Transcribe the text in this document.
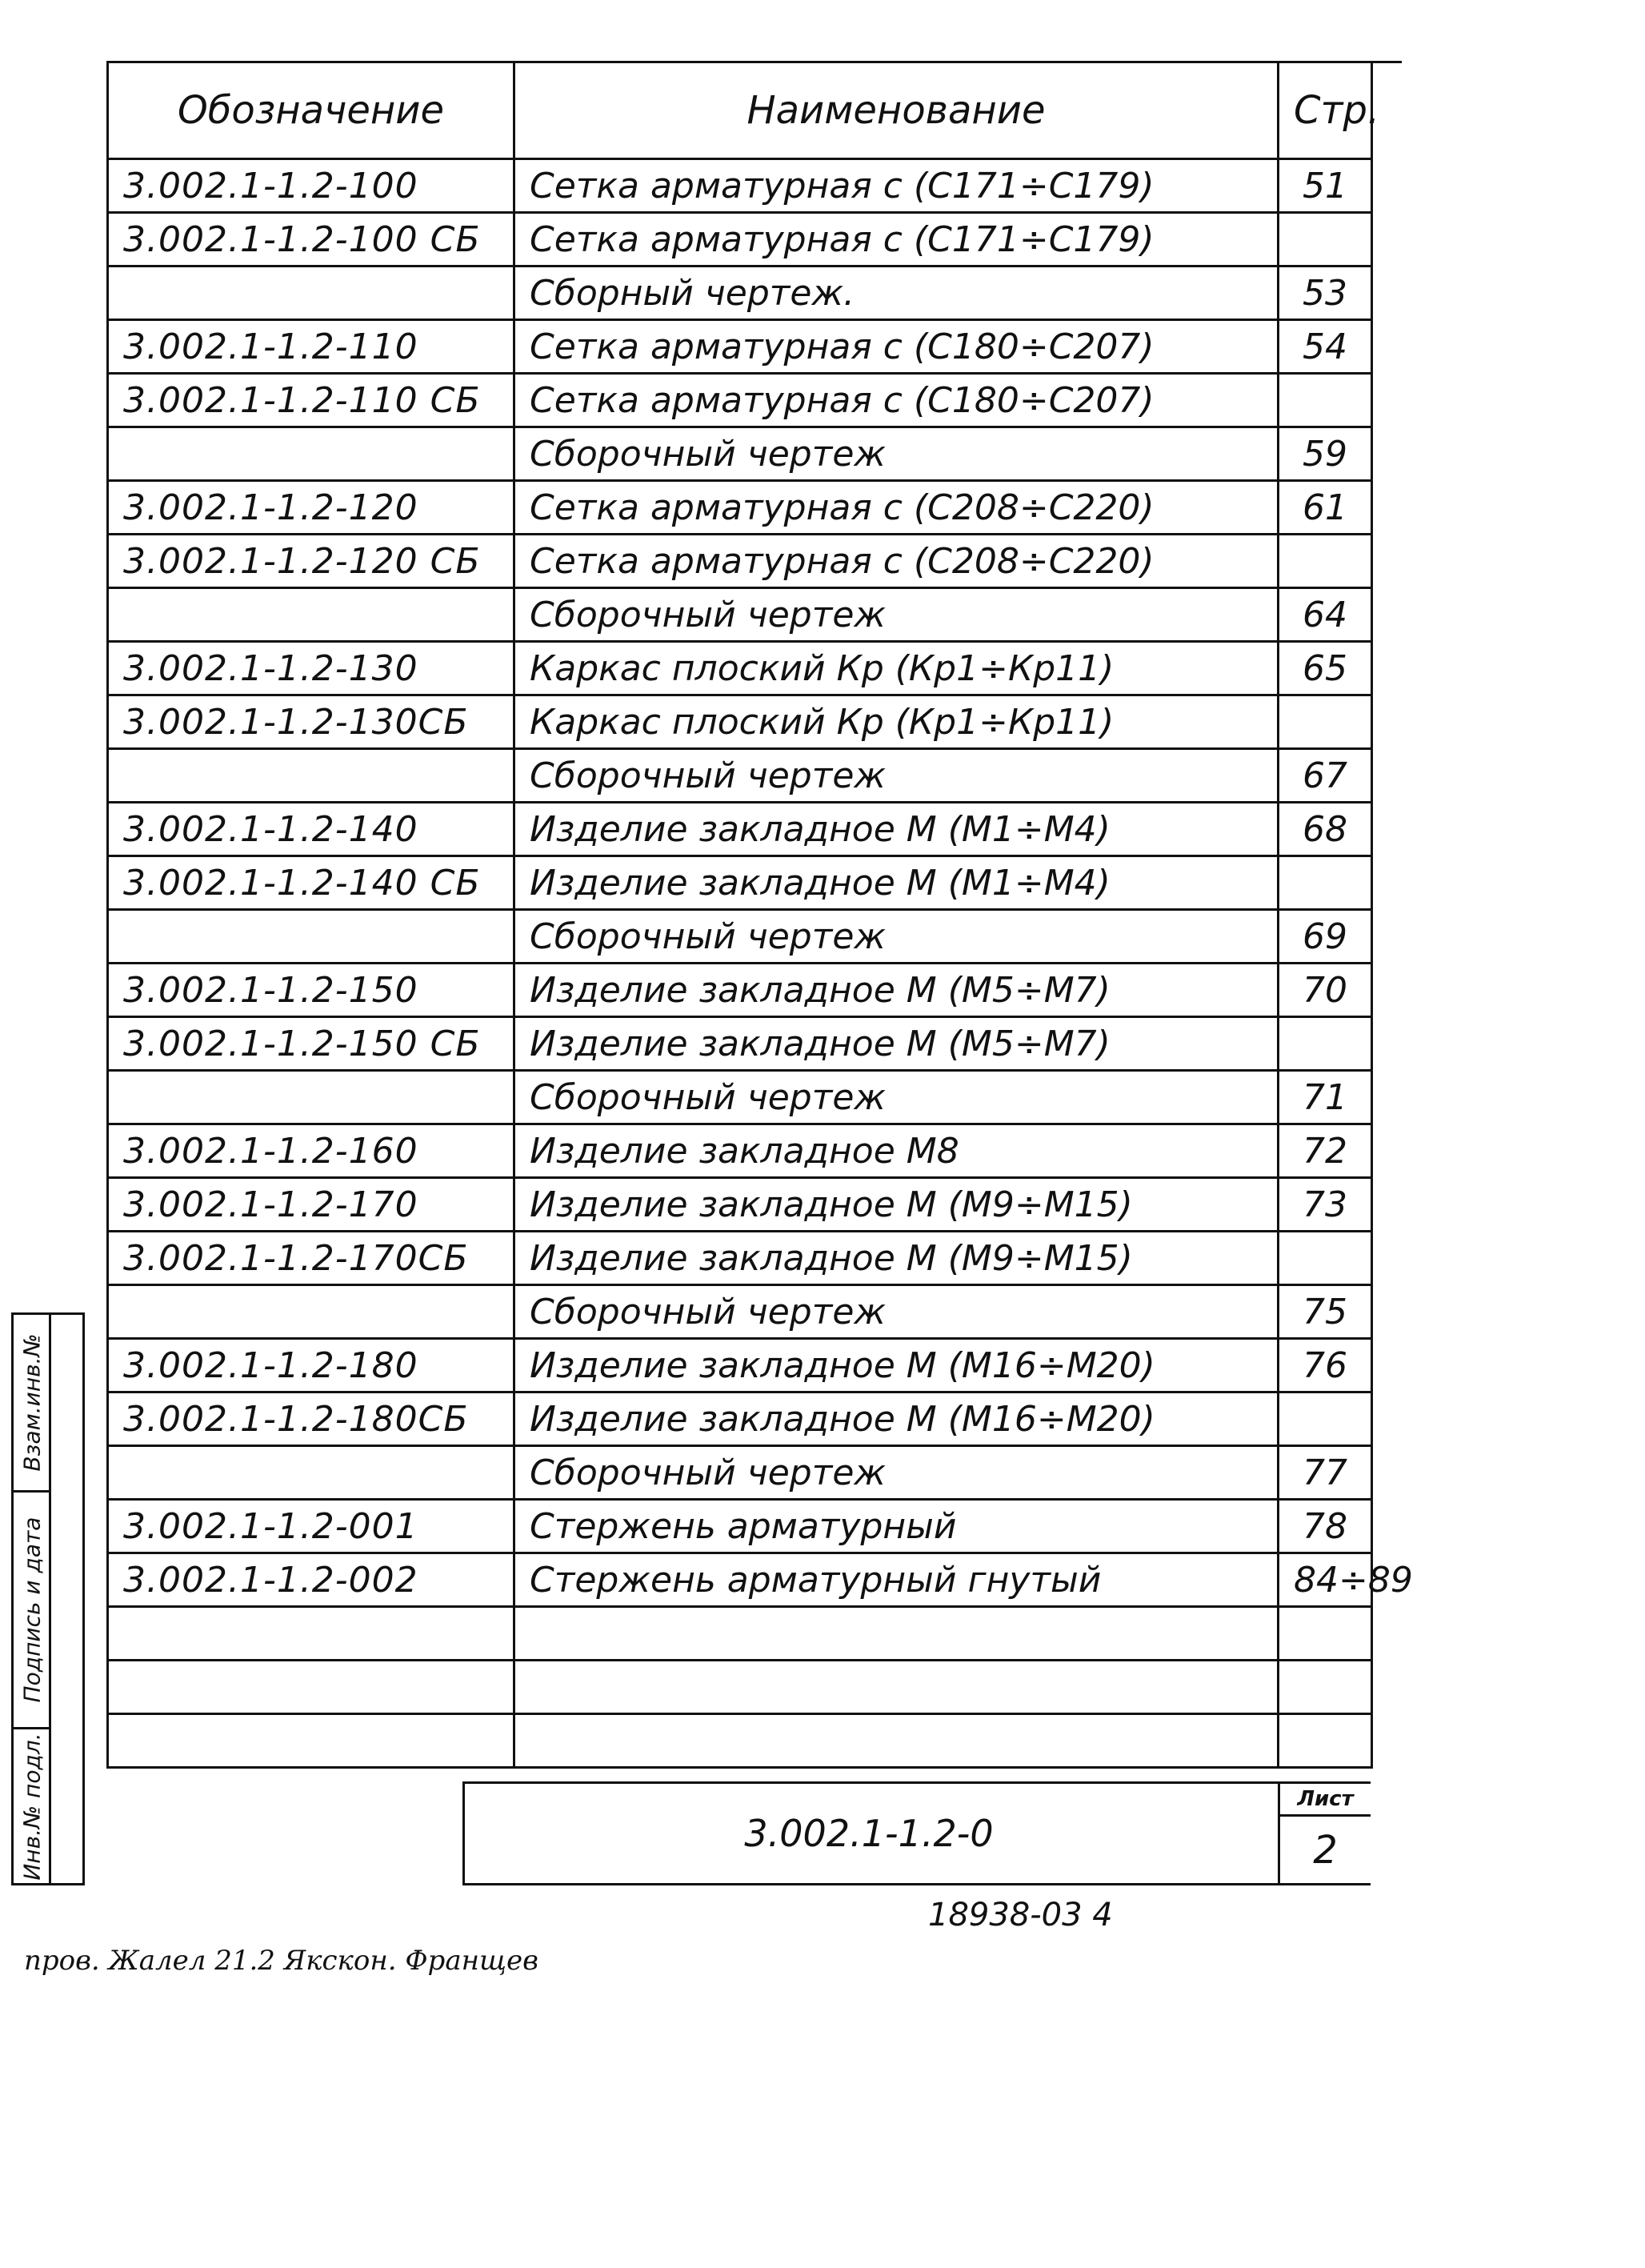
Обозначение	Наименование	Стр.
3.002.1-1.2-100	Сетка арматурная с (С171÷С179)	51
3.002.1-1.2-100 СБ	Сетка арматурная с (С171÷С179)	
	Сборный чертеж.	53
3.002.1-1.2-110	Сетка арматурная с (С180÷С207)	54
3.002.1-1.2-110 СБ	Сетка арматурная с (С180÷С207)	
	Сборочный чертеж	59
3.002.1-1.2-120	Сетка арматурная с (С208÷С220)	61
3.002.1-1.2-120 СБ	Сетка арматурная с (С208÷С220)	
	Сборочный чертеж	64
3.002.1-1.2-130	Каркас плоский Кр (Кр1÷Кр11)	65
3.002.1-1.2-130СБ	Каркас плоский Кр (Кр1÷Кр11)	
	Сборочный чертеж	67
3.002.1-1.2-140	Изделие закладное М (М1÷М4)	68
3.002.1-1.2-140 СБ	Изделие закладное М (М1÷М4)	
	Сборочный чертеж	69
3.002.1-1.2-150	Изделие закладное М (М5÷М7)	70
3.002.1-1.2-150 СБ	Изделие закладное М (М5÷М7)	
	Сборочный чертеж	71
3.002.1-1.2-160	Изделие закладное М8	72
3.002.1-1.2-170	Изделие закладное М (М9÷М15)	73
3.002.1-1.2-170СБ	Изделие закладное М (М9÷М15)	
	Сборочный чертеж	75
3.002.1-1.2-180	Изделие закладное М (М16÷М20)	76
3.002.1-1.2-180СБ	Изделие закладное М (М16÷М20)	
	Сборочный чертеж	77
3.002.1-1.2-001	Стержень арматурный	78
3.002.1-1.2-002	Стержень арматурный гнутый	84÷89

3.002.1-1.2-0
Лист
2
Взам.инв.№
Подпись и дата
Инв.№ подл.
18938-03 4
пров. Жалел 21.2 Якскон. Франщев
